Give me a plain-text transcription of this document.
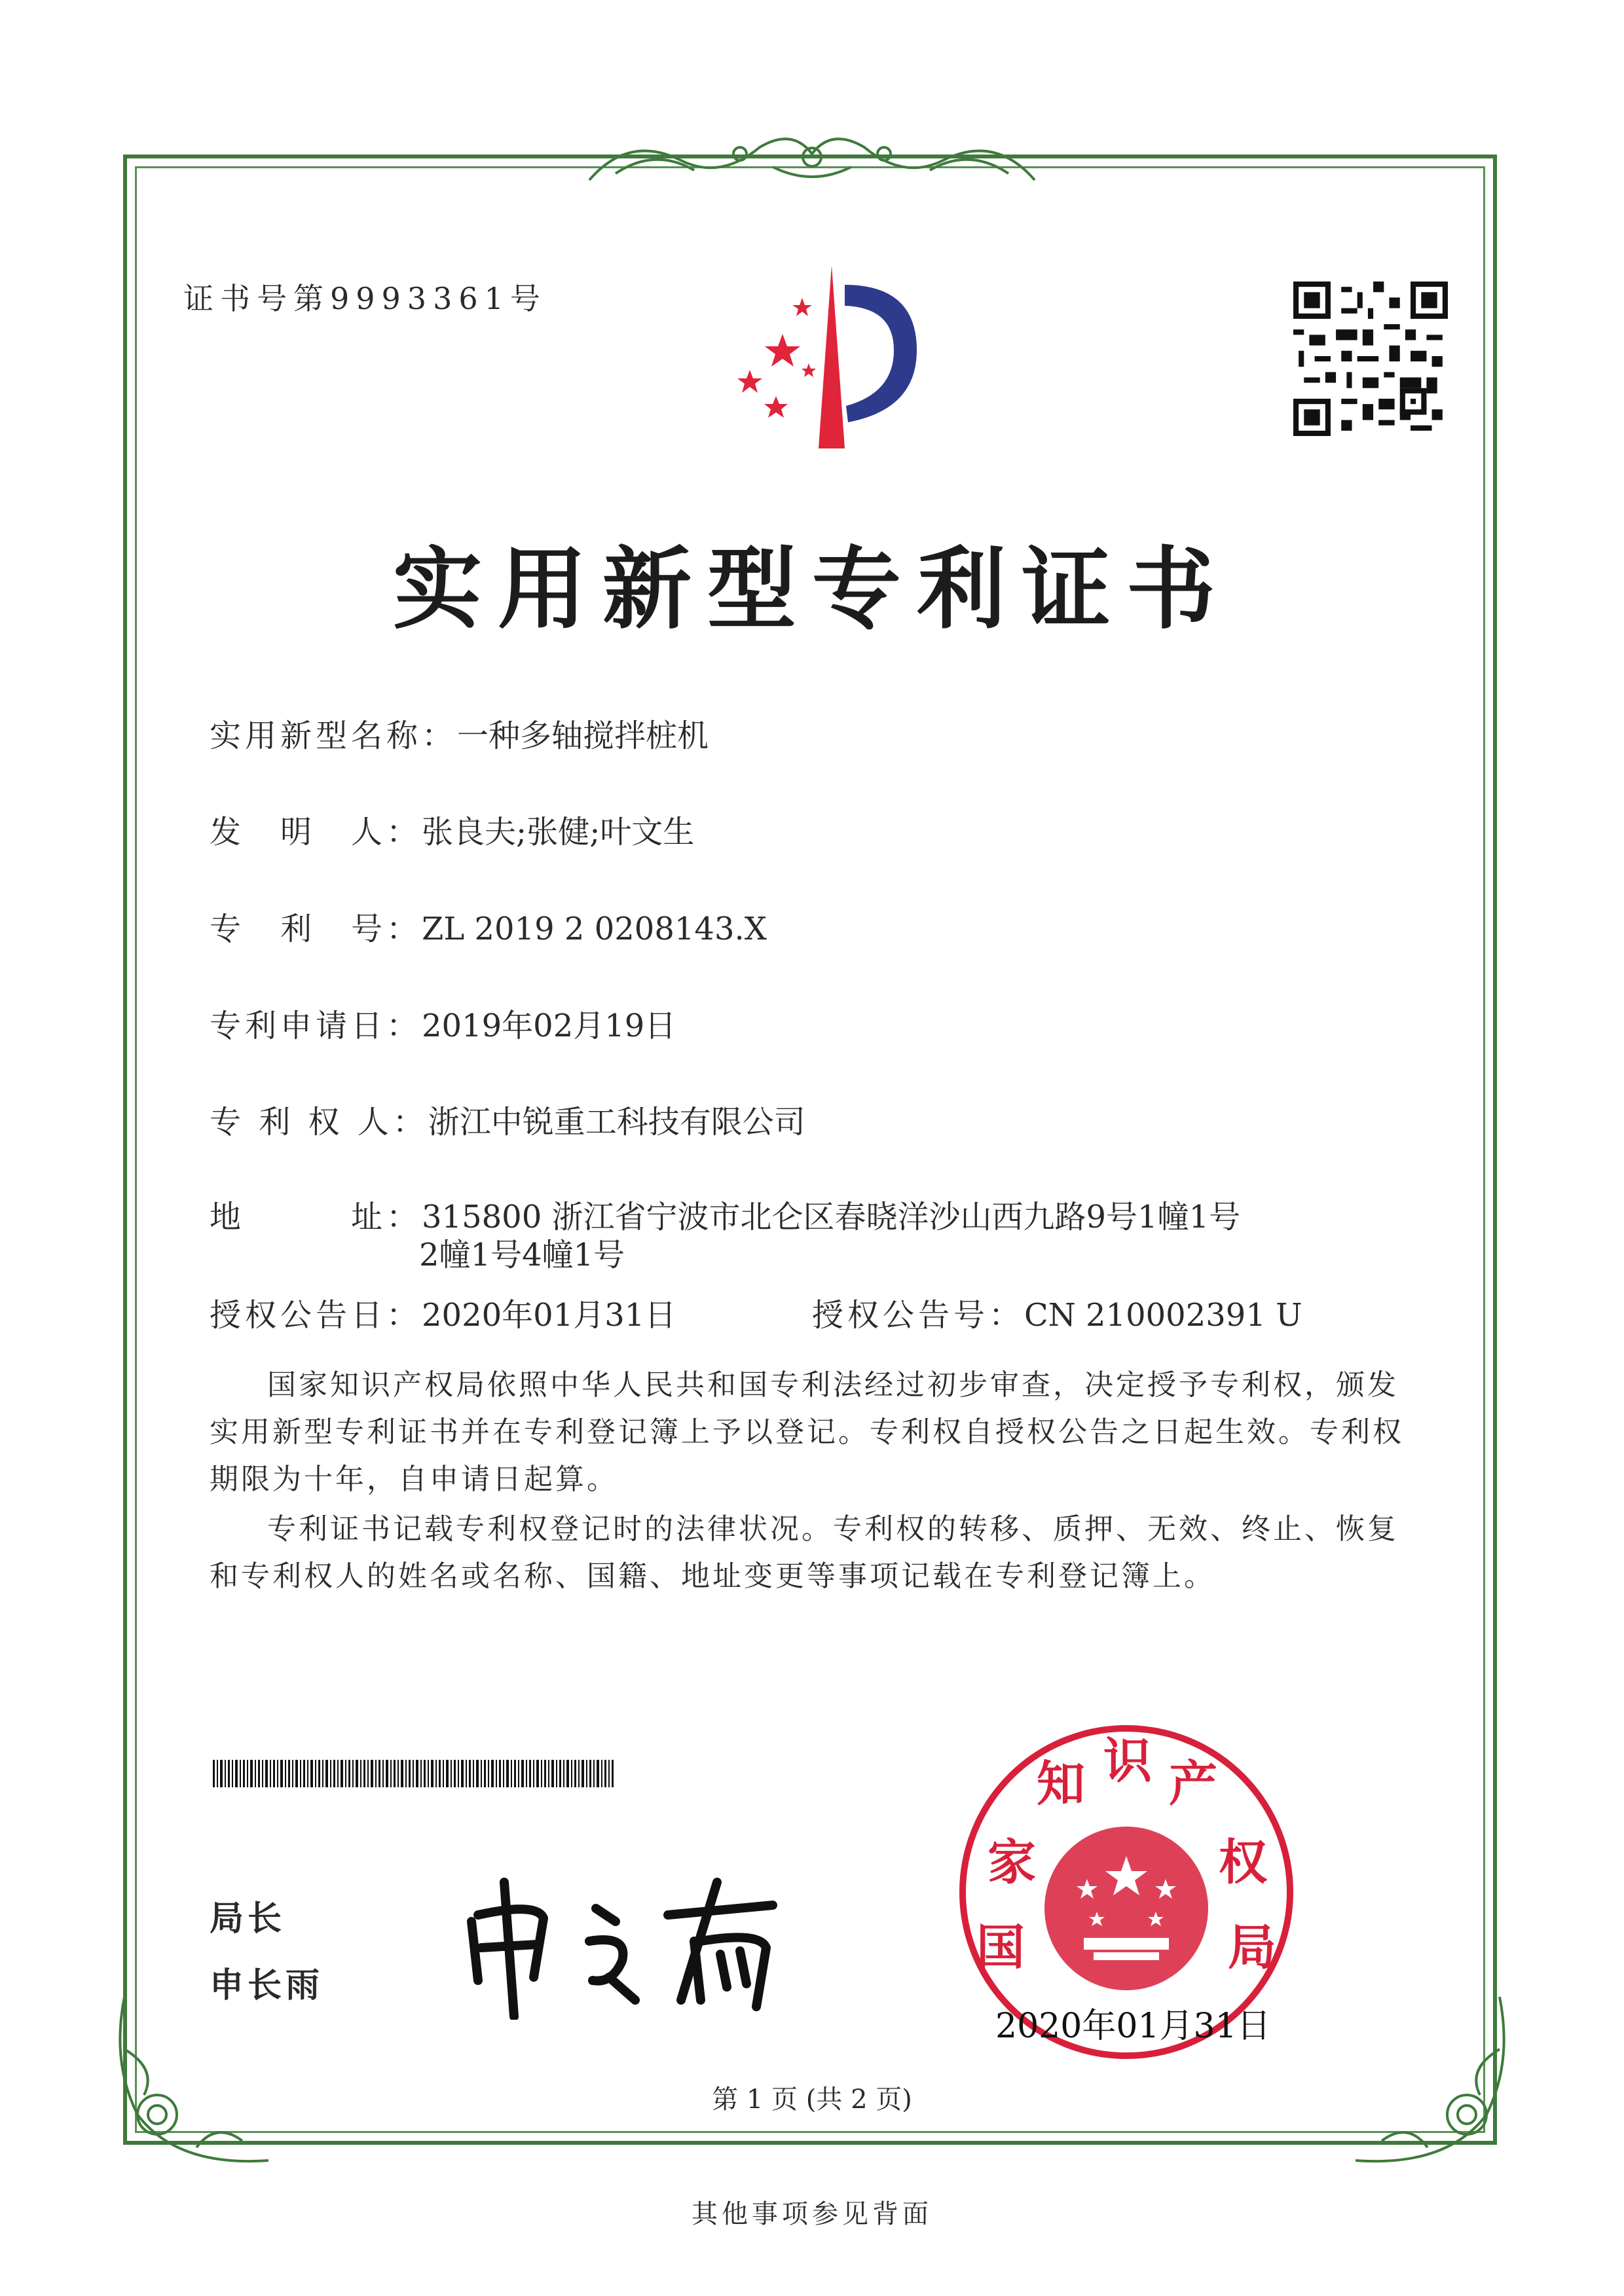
证书号第9993361号
实用新型专利证书
实用新型名称：一种多轴搅拌桩机
发　明　人：张良夫;张健;叶文生
专　利　号：ZL 2019 2 0208143.X
专利申请日：2019年02月19日
专 利 权 人：浙江中锐重工科技有限公司
地　　　址：315800 浙江省宁波市北仑区春晓洋沙山西九路9号1幢1号
2幢1号4幢1号
授权公告日：2020年01月31日	授权公告号：CN 210002391 U
国家知识产权局依照中华人民共和国专利法经过初步审查，决定授予专利权，颁发实用新型专利证书并在专利登记簿上予以登记。专利权自授权公告之日起生效。专利权期限为十年，自申请日起算。
专利证书记载专利权登记时的法律状况。专利权的转移、质押、无效、终止、恢复和专利权人的姓名或名称、国籍、地址变更等事项记载在专利登记簿上。
局长
申长雨
国
家
知 识 产
权
局
2020年01月31日
第 1 页 (共 2 页)
其他事项参见背面
